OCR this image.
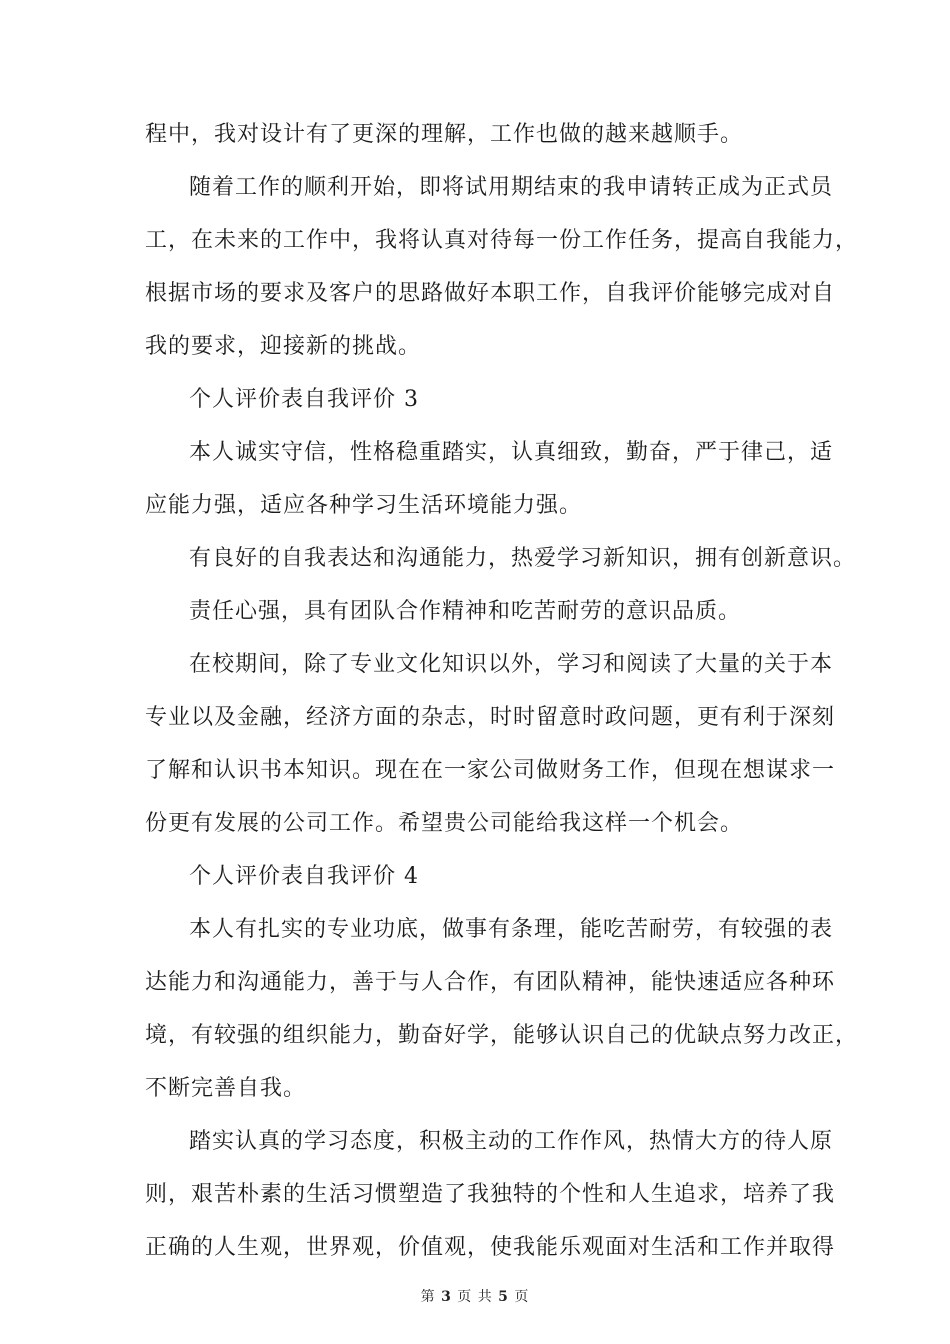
程中，我对设计有了更深的理解，工作也做的越来越顺手。
随着工作的顺利开始，即将试用期结束的我申请转正成为正式员
工，在未来的工作中，我将认真对待每一份工作任务，提高自我能力，
根据市场的要求及客户的思路做好本职工作，自我评价能够完成对自
我的要求，迎接新的挑战。
个人评价表自我评价 3
本人诚实守信，性格稳重踏实，认真细致，勤奋，严于律己，适
应能力强，适应各种学习生活环境能力强。
有良好的自我表达和沟通能力，热爱学习新知识，拥有创新意识。
责任心强，具有团队合作精神和吃苦耐劳的意识品质。
在校期间，除了专业文化知识以外，学习和阅读了大量的关于本
专业以及金融，经济方面的杂志，时时留意时政问题，更有利于深刻
了解和认识书本知识。现在在一家公司做财务工作，但现在想谋求一
份更有发展的公司工作。希望贵公司能给我这样一个机会。
个人评价表自我评价 4
本人有扎实的专业功底，做事有条理，能吃苦耐劳，有较强的表
达能力和沟通能力，善于与人合作，有团队精神，能快速适应各种环
境，有较强的组织能力，勤奋好学，能够认识自己的优缺点努力改正，
不断完善自我。
踏实认真的学习态度，积极主动的工作作风，热情大方的待人原
则，艰苦朴素的生活习惯塑造了我独特的个性和人生追求，培养了我
正确的人生观，世界观，价值观，使我能乐观面对生活和工作并取得
第 3 页 共 5 页
